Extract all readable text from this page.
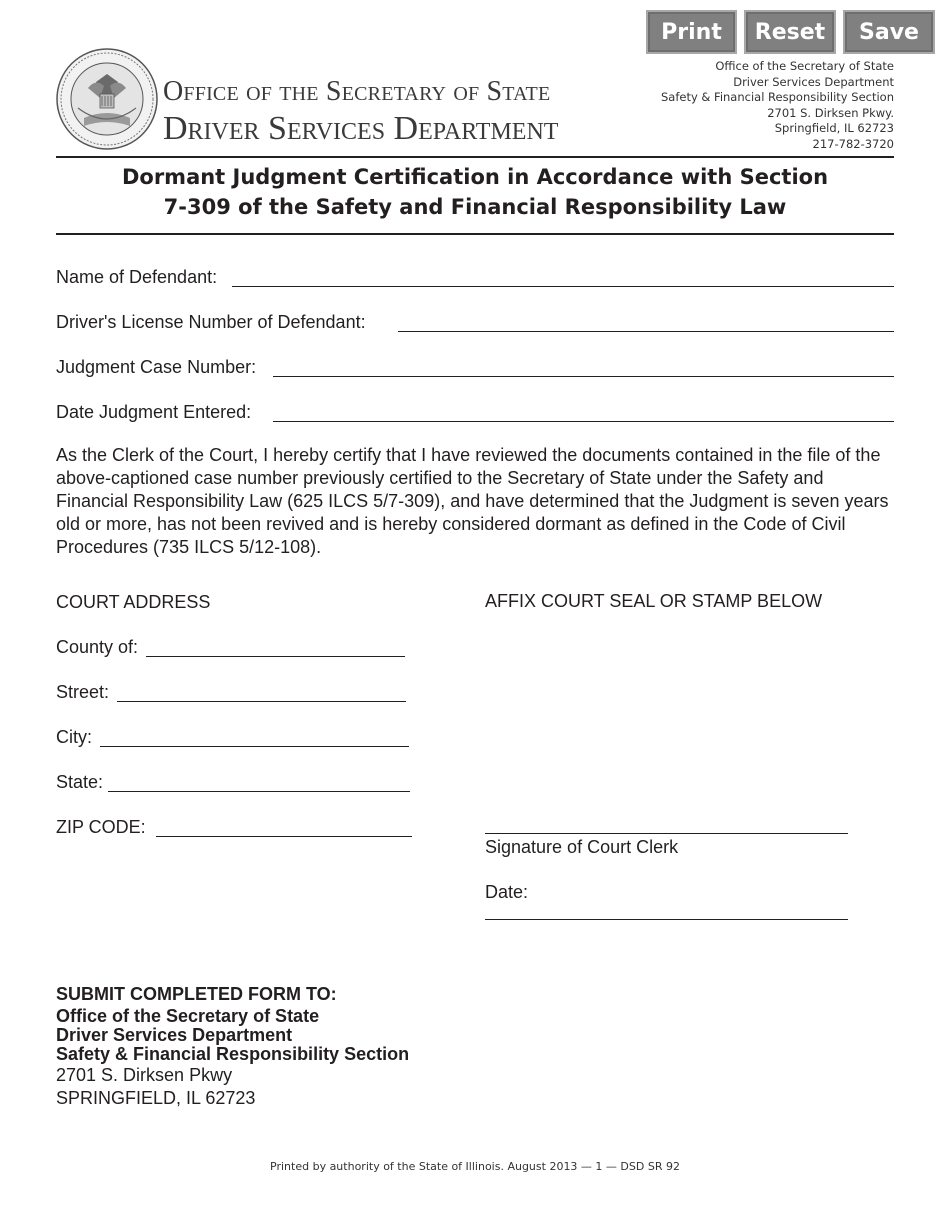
Print	Reset	Save
Office of the Secretary of State
Driver Services Department
Office of the Secretary of State
Driver Services Department
Safety & Financial Responsibility Section
2701 S. Dirksen Pkwy.
Springfield, IL 62723
217-782-3720
Dormant Judgment Certification in Accordance with Section
7-309 of the Safety and Financial Responsibility Law
Name of Defendant:
Driver's License Number of Defendant:
Judgment Case Number:
Date Judgment Entered:
As the Clerk of the Court, I hereby certify that I have reviewed the documents contained in the file of the above-captioned case number previously certified to the Secretary of State under the Safety and Financial Responsibility Law (625 ILCS 5/7-309), and have determined that the Judgment is seven years old or more, has not been revived and is hereby considered dormant as defined in the Code of Civil Procedures (735 ILCS 5/12-108).
COURT ADDRESS
County of:
Street:
City:
State:
ZIP CODE:
AFFIX COURT SEAL OR STAMP BELOW
Signature of Court Clerk
Date:
SUBMIT COMPLETED FORM TO:
Office of the Secretary of State
Driver Services Department
Safety & Financial Responsibility Section
2701 S. Dirksen Pkwy
SPRINGFIELD, IL 62723
Printed by authority of the State of Illinois. August 2013 — 1 — DSD SR 92
